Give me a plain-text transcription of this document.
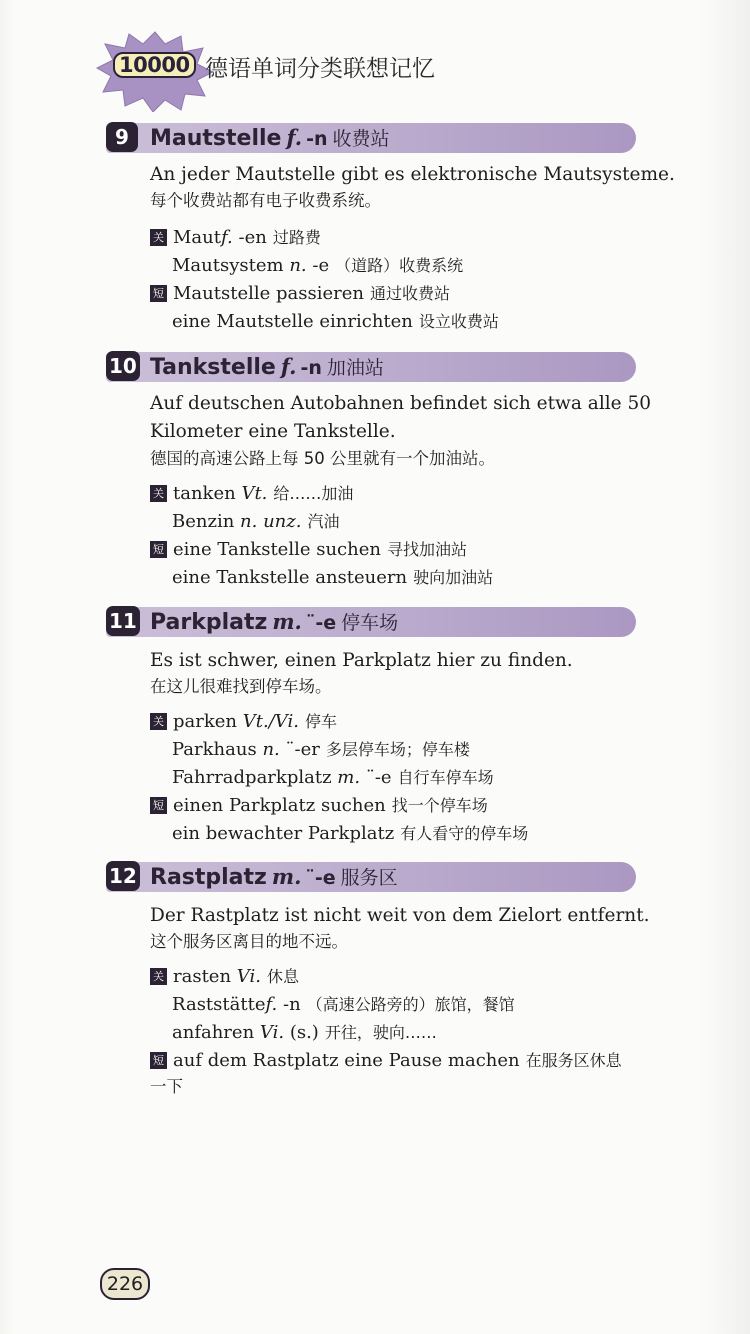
10000 德语单词分类联想记忆
9 Mautstelle f. -n 收费站
An jeder Mautstelle gibt es elektronische Mautsysteme.
每个收费站都有电子收费系统。
关 Mautf. -en 过路费
Mautsystem n. -e （道路）收费系统
短 Mautstelle passieren 通过收费站
eine Mautstelle einrichten 设立收费站
10 Tankstelle f. -n 加油站
Auf deutschen Autobahnen befindet sich etwa alle 50
Kilometer eine Tankstelle.
德国的高速公路上每 50 公里就有一个加油站。
关 tanken Vt. 给……加油
Benzin n. unz. 汽油
短 eine Tankstelle suchen 寻找加油站
eine Tankstelle ansteuern 驶向加油站
11 Parkplatz m. ¨-e 停车场
Es ist schwer, einen Parkplatz hier zu finden.
在这儿很难找到停车场。
关 parken Vt./Vi. 停车
Parkhaus n. ¨-er 多层停车场；停车楼
Fahrradparkplatz m. ¨-e 自行车停车场
短 einen Parkplatz suchen 找一个停车场
ein bewachter Parkplatz 有人看守的停车场
12 Rastplatz m. ¨-e 服务区
Der Rastplatz ist nicht weit von dem Zielort entfernt.
这个服务区离目的地不远。
关 rasten Vi. 休息
Raststättef. -n （高速公路旁的）旅馆，餐馆
anfahren Vi. (s.) 开往，驶向……
短 auf dem Rastplatz eine Pause machen 在服务区休息
一下
226
